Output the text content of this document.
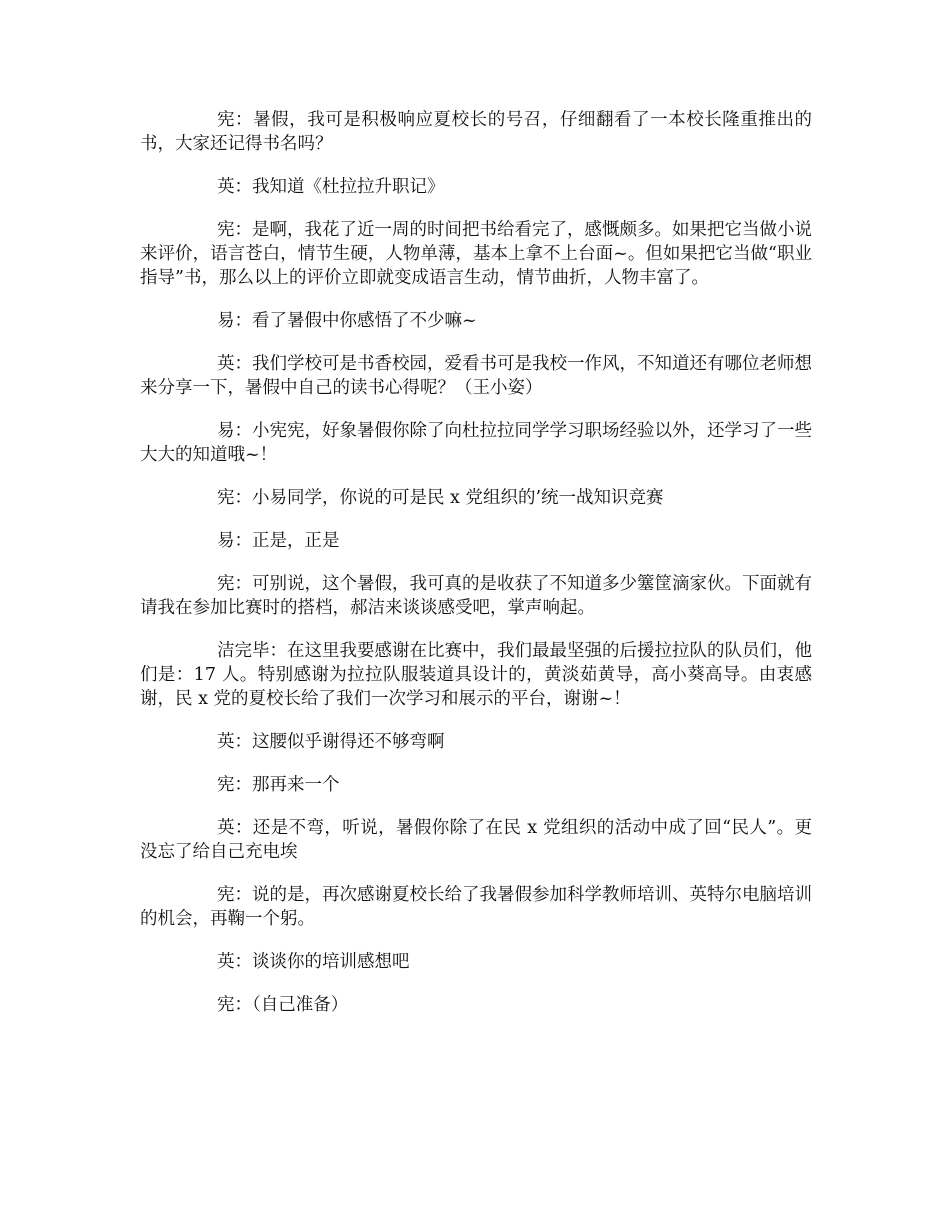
宪：暑假，我可是积极响应夏校长的号召，仔细翻看了一本校长隆重推出的书，大家还记得书名吗？

英：我知道《杜拉拉升职记》

宪：是啊，我花了近一周的时间把书给看完了，感慨颇多。如果把它当做小说来评价，语言苍白，情节生硬，人物单薄，基本上拿不上台面~。但如果把它当做“职业指导”书，那么以上的评价立即就变成语言生动，情节曲折，人物丰富了。

易：看了暑假中你感悟了不少嘛~

英：我们学校可是书香校园，爱看书可是我校一作风，不知道还有哪位老师想来分享一下，暑假中自己的读书心得呢？（王小姿）

易：小宪宪，好象暑假你除了向杜拉拉同学学习职场经验以外，还学习了一些大大的知道哦~！

宪：小易同学，你说的可是民 x 党组织的’统一战知识竞赛

易：正是，正是

宪：可别说，这个暑假，我可真的是收获了不知道多少簺筐滴家伙。下面就有请我在参加比赛时的搭档，郝洁来谈谈感受吧，掌声响起。

洁完毕：在这里我要感谢在比赛中，我们最最坚强的后援拉拉队的队员们，他们是：17 人。特别感谢为拉拉队服装道具设计的，黄淡茹黄导，高小葵高导。由衷感谢，民 x 党的夏校长给了我们一次学习和展示的平台，谢谢~！

英：这腰似乎谢得还不够弯啊

宪：那再来一个

英：还是不弯，听说，暑假你除了在民 x 党组织的活动中成了回“民人”。更没忘了给自己充电埃

宪：说的是，再次感谢夏校长给了我暑假参加科学教师培训、英特尔电脑培训的机会，再鞠一个躬。

英：谈谈你的培训感想吧

宪：（自己准备）
